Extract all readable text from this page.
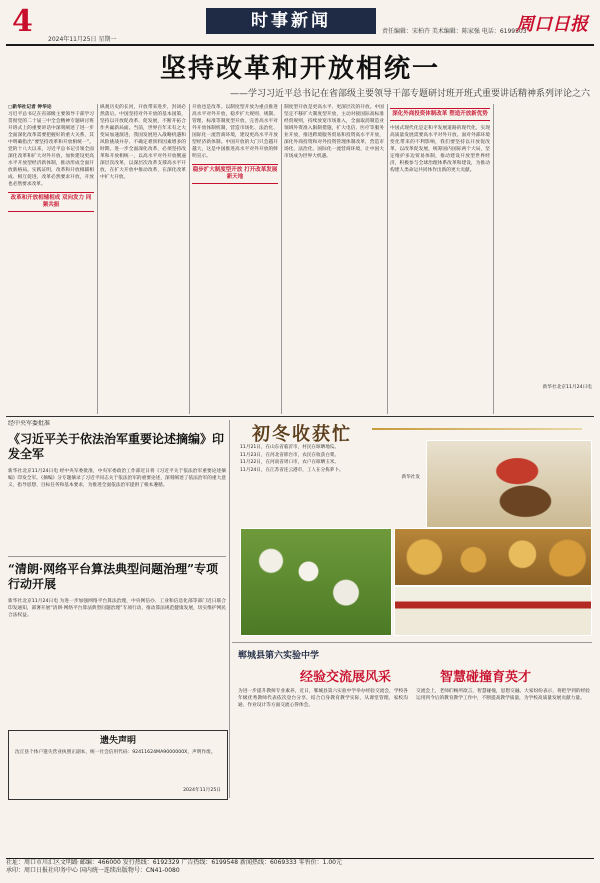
4
2024年11月25日 星期一
时事新闻
责任编辑：宋柏卉 美术编辑：陈家强 电话：6199503
周口日报
坚持改革和开放相统一
——学习习近平总书记在省部级主要领导干部专题研讨班开班式重要讲话精神系列评论之六
□新华社记者 钟华论
习近平总书记在省部级主要领导干部学习贯彻党的二十届三中全会精神专题研讨班开班式上的重要讲话中深刻阐述了进一步全面深化改革需要把握好的重大关系，其中明确指出“要坚持改革和开放相统一”。党的十八大以来，习近平总书记引领全面深化改革和扩大对外开放，加快建设更高水平开放型经济新体制，推动形成全面开放新格局。实践证明，改革和开放相辅相成、相互促进，改革必然要求开放，开放也必然要求改革。
改革和开放相辅相成 双向发力 同频共振
纵观历史的长河，开放带来进步，封闭必然落后。中国坚持对外开放的基本国策，坚持以开放促改革、促发展，不断开拓合作共赢新局面。当前，世界百年未有之大变局加速演进，我国发展进入战略机遇和风险挑战并存、不确定难预料因素增多的时期。进一步全面深化改革，必须坚持改革和开放相统一，以高水平对外开放倒逼深层次改革，以深层次改革支撑高水平开放，在扩大开放中推动改革，在深化改革中扩大开放。
开放也是改革。以制度型开放为重点推进高水平对外开放，稳步扩大规则、规制、管理、标准等制度型开放，完善高水平对外开放体制机制，营造市场化、法治化、国际化一流营商环境，建设更高水平开放型经济新体制。中国开放的大门只会越开越大，这是中国推进高水平对外开放的鲜明宣示。
稳步扩大制度型开放 打开改革发展新天地
制度型开放是更高水平、更深层次的开放。中国坚定不移扩大制度型开放，主动对接国际高标准经贸规则，持续放宽市场准入，全面取消制造业领域外资准入限制措施，扩大电信、医疗等服务业开放，推进跨境服务贸易和投资高水平开放，深化外商投资和对外投资管理体制改革，营造市场化、法治化、国际化一流营商环境，让中国大市场成为世界大机遇。
深化外商投资体制改革 塑造开放新优势
中国式现代化是走和平发展道路的现代化，实现高质量发展需要高水平对外开放。面对外部环境变化带来的不利影响，我们要坚持以开放促改革，以改革促发展，统筹国内国际两个大局，坚定维护多边贸易体制，推动建设开放型世界经济，积极参与全球治理体系改革和建设，为推动构建人类命运共同体作出新的更大贡献。
新华社北京11月24日电
经中央军委批准
《习近平关于依法治军重要论述摘编》印发全军
新华社北京11月24日电 经中央军委批准，中央军委政治工作部近日将《习近平关于依法治军重要论述摘编》印发全军。《摘编》分专题摘录了习近平同志关于依法治军的重要论述，深刻阐述了依法治军的重大意义、指导思想、目标任务和基本要求，为推进全面依法治军提供了根本遵循。
“清朗·网络平台算法典型问题治理”专项行动开展
新华社北京11月24日电 为进一步加强网络平台算法治理，中央网信办、工业和信息化部等部门近日联合印发通知，部署开展“清朗·网络平台算法典型问题治理”专项行动，推动算法规范健康发展，切实维护网民合法权益。
遗失声明
沈丘县个体户遗失营业执照正副本，统一社会信用代码：92411624MA9000000X，声明作废。
2024年11月25日
初冬收获忙
11月21日，在山东省临沂市，村民在晾晒地瓜。
11月23日，在河北省邢台市，农民在收获白菜。
11月22日，在河南省周口市，农户在晾晒玉米。
11月24日，在江苏省连云港市，工人在分拣萝卜。
新华社发
郸城县第六实验中学
经验交流展风采	智慧碰撞育英才
为进一步提升教师专业素养，近日，郸城县第六实验中学举办经验交流会，学校各年级优秀教师代表依次登台分享，结合自身教育教学实际，从课堂管理、家校沟通、作业设计等方面交流心得体会。
交流会上，老师们畅所欲言，智慧碰撞，思想交融。大家纷纷表示，将把学到的经验运用到今后的教育教学工作中，不断提高教学质量，为学校高质量发展贡献力量。
社址：周口市川汇区文明路 邮编：466000 发行热线：6192329 广告热线：6199548 新闻热线：6069333 零售价：1.00元
承印：周口日报社印务中心 国内统一连续出版物号：CN41-0080
